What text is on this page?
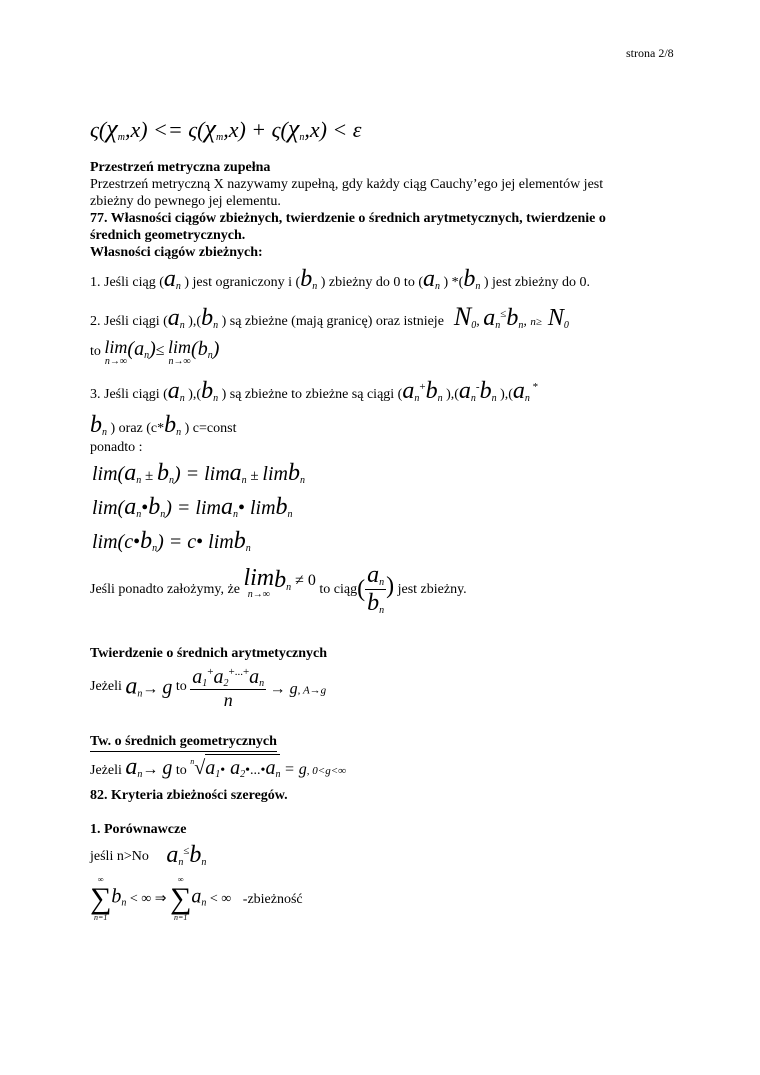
strona 2/8
$\varsigma(\chi_m,x) <= \varsigma(\chi_m,x) + \varsigma(\chi_n,x) < \varepsilon$
Przestrzeń metryczna zupełna
Przestrzeń metryczną X nazywamy zupełną, gdy każdy ciąg Cauchy’ego jej elementów jest
zbieżny do pewnego jej elementu.
77. Własności ciągów zbieżnych, twierdzenie o średnich arytmetycznych, twierdzenie o
średnich geometrycznych.
Własności ciągów zbieżnych:
1. Jeśli ciąg ($a_n$ ) jest ograniczony i ($b_n$ ) zbieżny do 0 to ($a_n$ ) $*(b_n$ ) jest zbieżny do 0.
2. Jeśli ciągi ($a_n$ )$,(b_n$ ) są zbieżne (mają granicę) oraz istnieje  $N_0$, $a_n^\le b_n$, $n\ge N_0$
to lim
n→∞
$(a_n)\le \lim$
n→∞
$(b_n)$
3. Jeśli ciągi ($a_n$ )$,(b_n$ ) są zbieżne to zbieżne są ciągi ($a_n^+b_n$ )$,(a_n^-b_n$ )$,(a_n$ *
$b_n$ ) oraz ($c*b_n$ ) c=const
ponadto :
$\lim(a_n \pm b_n) = \lim a_n \pm \lim b_n$
$\lim(a_n•b_n)$ = lima$_n$• limb$_n$
$\lim(c•b_n)$ = c• limb$_n$
Jeśli ponadto założymy, że lim
n→∞
$b^n \ne 0$ to ciąg( $\frac{a_n}{b_n}$ ) jest zbieżny.
Twierdzenie o średnich arytmetycznych
Jeżeli $a_n\to g$ to $\frac{a_1^+a_2^{+...+}a_n}{n} \to g$, A→g
Tw. o średnich geometrycznych
Jeżeli $a_n\to g$ to $^n√a_1•$ $a_2•...•a_n = g$, 0<g<∞
82. Kryteria zbieżności szeregów.
1. Porównawcze
jeśli n>No $a_n^\le b_n$
∞
∑
n=1
$b_n$ < ∞ ⇒
∞
∑
n=1
$a_n$ < ∞ -zbieżność
